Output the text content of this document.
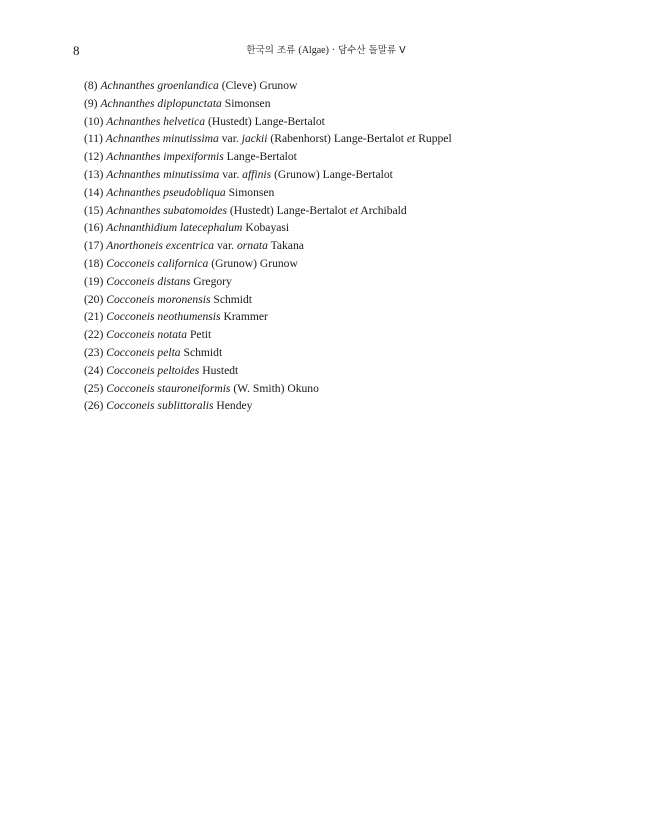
8	한국의 조류 (Algae) · 담수산 돌말류 V
(8) Achnanthes groenlandica (Cleve) Grunow
(9) Achnanthes diplopunctata Simonsen
(10) Achnanthes helvetica (Hustedt) Lange-Bertalot
(11) Achnanthes minutissima var. jackii (Rabenhorst) Lange-Bertalot et Ruppel
(12) Achnanthes impexiformis Lange-Bertalot
(13) Achnanthes minutissima var. affinis (Grunow) Lange-Bertalot
(14) Achnanthes pseudobliqua Simonsen
(15) Achnanthes subatomoides (Hustedt) Lange-Bertalot et Archibald
(16) Achnanthidium latecephalum Kobayasi
(17) Anorthoneis excentrica var. ornata Takana
(18) Cocconeis californica (Grunow) Grunow
(19) Cocconeis distans Gregory
(20) Cocconeis moronensis Schmidt
(21) Cocconeis neothumensis Krammer
(22) Cocconeis notata Petit
(23) Cocconeis pelta Schmidt
(24) Cocconeis peltoides Hustedt
(25) Cocconeis stauroneiformis (W. Smith) Okuno
(26) Cocconeis sublittoralis Hendey
